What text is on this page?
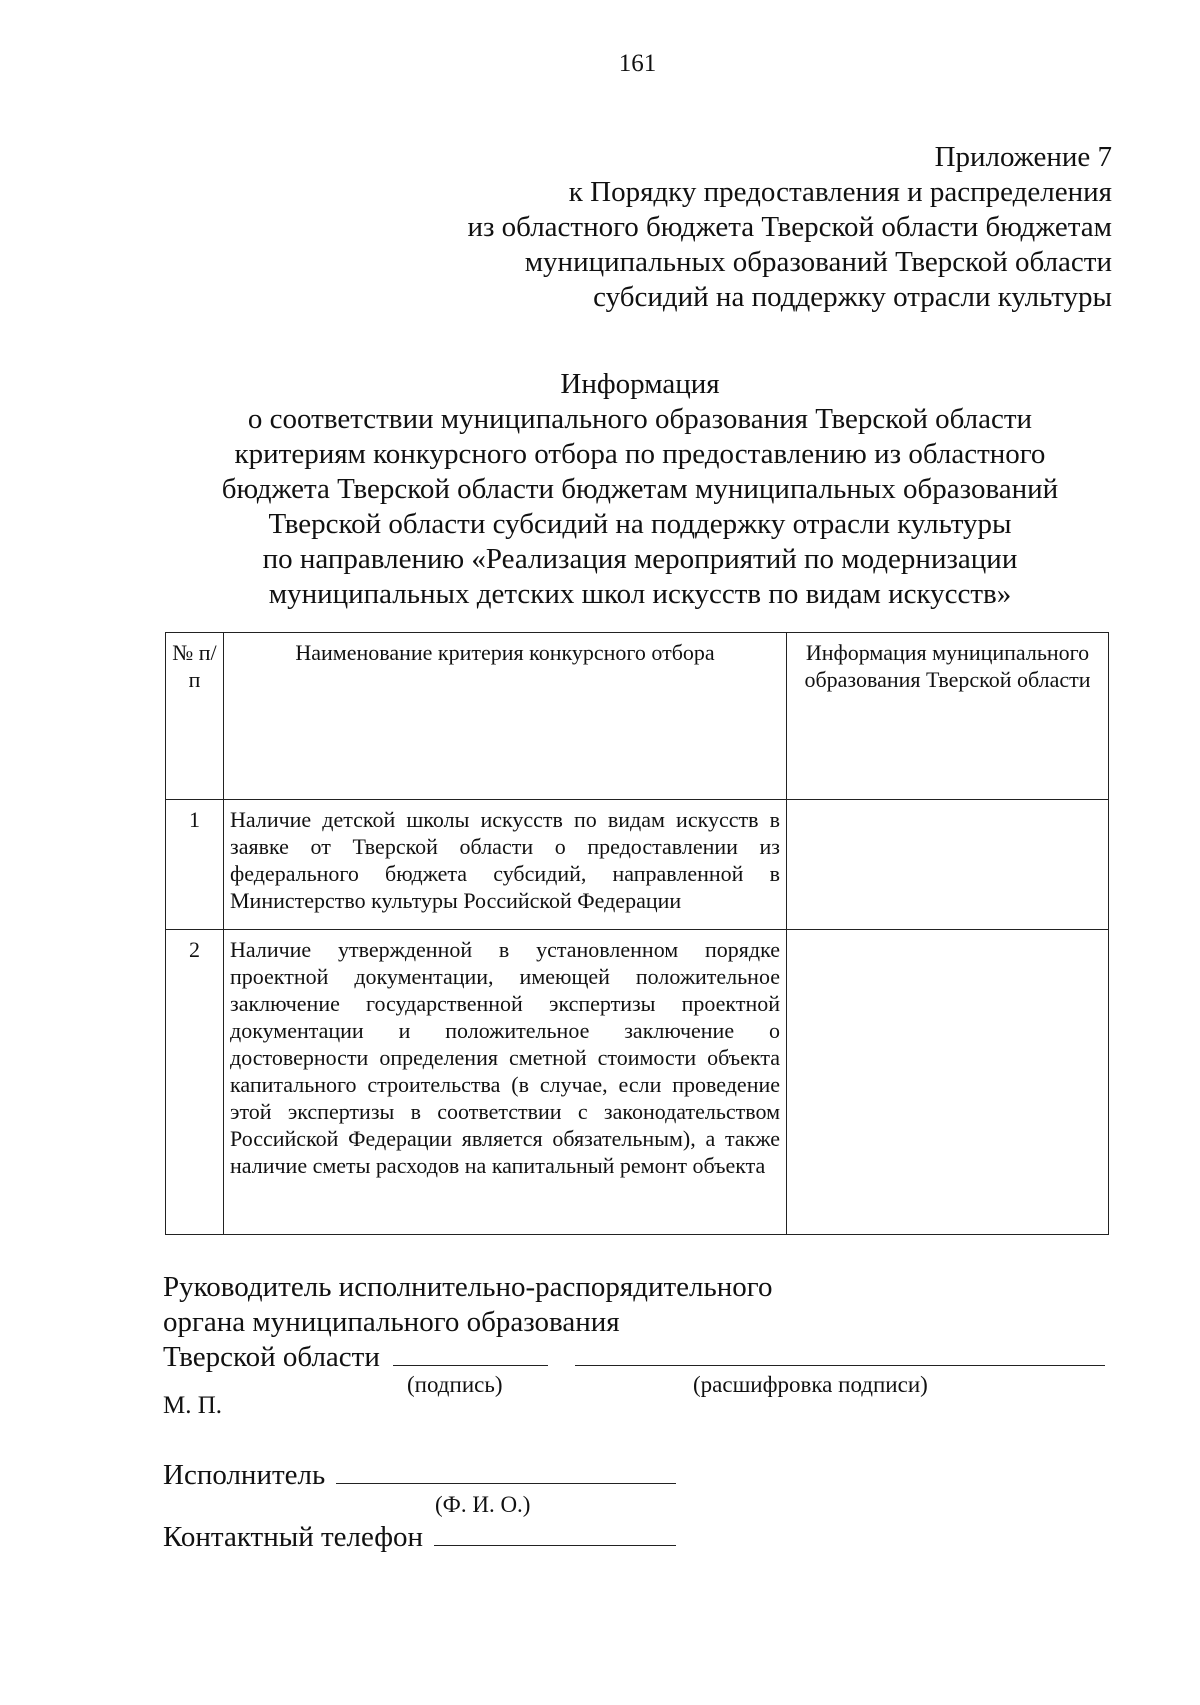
161
Приложение 7
к Порядку предоставления и распределения
из областного бюджета Тверской области бюджетам
муниципальных образований Тверской области
субсидий на поддержку отрасли культуры
Информация
о соответствии муниципального образования Тверской области
критериям конкурсного отбора по предоставлению из областного
бюджета Тверской области бюджетам муниципальных образований
Тверской области субсидий на поддержку отрасли культуры
по направлению «Реализация мероприятий по модернизации
муниципальных детских школ искусств по видам искусств»
№ п/п	Наименование критерия конкурсного отбора	Информация муниципального образования Тверской области
1	Наличие детской школы искусств по видам искусств в заявке от Тверской области о предоставлении из федерального бюджета субсидий, направленной в Министерство культуры Российской Федерации	
2	Наличие утвержденной в установленном порядке проектной документации, имеющей положительное заключение государственной экспертизы проектной документации и положительное заключение о достоверности определения сметной стоимости объекта капитального строительства (в случае, если проведение этой экспертизы в соответствии с законодательством Российской Федерации является обязательным), а также наличие сметы расходов на капитальный ремонт объекта	
Руководитель исполнительно-распорядительного
органа муниципального образования
Тверской области
(подпись)	(расшифровка подписи)
М. П.
Исполнитель
(Ф. И. О.)
Контактный телефон
